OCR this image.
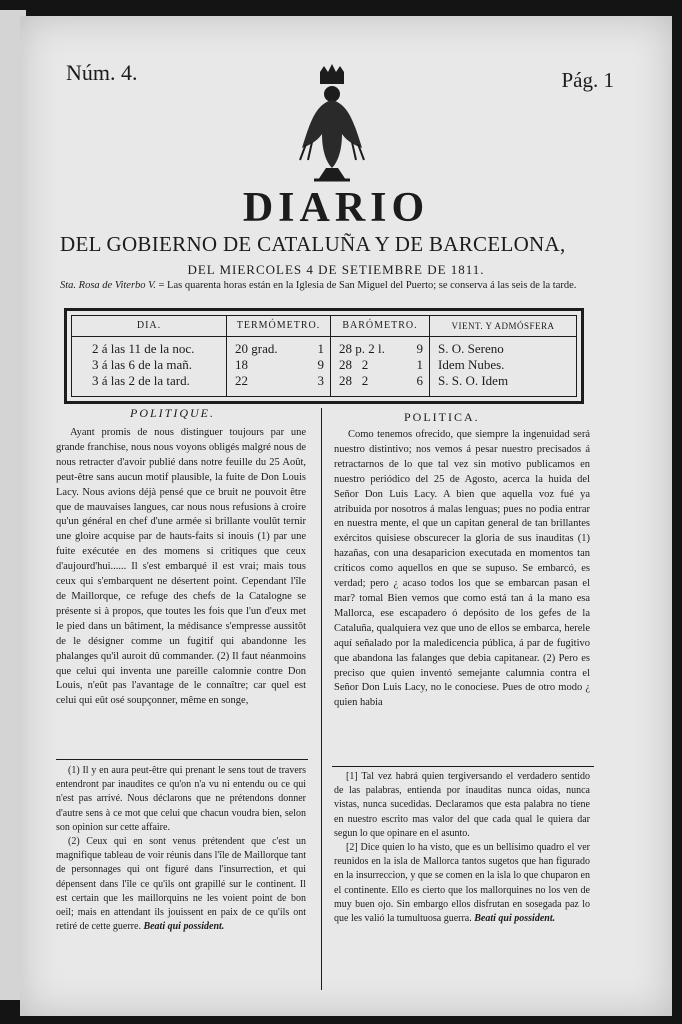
Núm. 4.	Pág. 1
DIARIO
DEL GOBIERNO DE CATALUÑA Y DE BARCELONA,
DEL MIERCOLES 4 DE SETIEMBRE DE 1811.
Sta. Rosa de Viterbo V. = Las quarenta horas están en la Iglesia de San Miguel del Puerto; se conserva á las seis de la tarde.
DIA.
2 á las 11 de la noc.
3 á las 6 de la mañ.
3 á las 2 de la tard.
TERMÓMETRO.
20 grad.
18
22
1
9
3
BARÓMETRO.
28 p. 2 l.
28   2
28   2
9
1
6
VIENT. Y ADMÓSFERA
S. O. Sereno
Idem Nubes.
S. S. O. Idem
POLITIQUE.

Ayant promis de nous distinguer toujours par une grande franchise, nous nous voyons obligés malgré nous de nous retracter d'avoir publié dans notre feuille du 25 Août, peut-être sans aucun motif plausible, la fuite de Don Louis Lacy. Nous avions déjà pensé que ce bruit ne pouvoit être que de mauvaises langues, car nous nous refusions à croire qu'un général en chef d'une armée si brillante voulût ternir une gloire acquise par de hauts-faits si inouis (1) par une fuite exécutée en des momens si critiques que ceux d'aujourd'hui...... Il s'est embarqué il est vrai; mais tous ceux qui s'embarquent ne désertent point. Cependant l'île de Maillorque, ce refuge des chefs de la Catalogne se présente si à propos, que toutes les fois que l'un d'eux met le pied dans un bâtiment, la médisance s'empresse aussitôt de le désigner comme un fugitif qui abandonne les phalanges qu'il auroit dû commander. (2) Il faut néanmoins que celui qui inventa une pareille calomnie contre Don Louis, n'eût pas l'avantage de le connaître; car quel est celui qui eût osé soupçonner, même en songe,

(1) Il y en aura peut-être qui prenant le sens tout de travers entendront par inaudites ce qu'on n'a vu ni entendu ou ce qui n'est pas arrivé. Nous déclarons que ne prétendons donner d'autre sens à ce mot que celui que chacun voudra bien, selon son opinion sur cette affaire.

(2) Ceux qui en sont venus prétendent que c'est un magnifique tableau de voir réunis dans l'île de Maillorque tant de personnages qui ont figuré dans l'insurrection, et qui dépensent dans l'île ce qu'ils ont grapillé sur le continent. Il est certain que les maillorquins ne les voient point de bon oeil; mais en attendant ils jouissent en paix de ce qu'ils ont retiré de cette guerre. Beati qui possident.

POLITICA.

Como tenemos ofrecido, que siempre la ingenuidad será nuestro distintivo; nos vemos á pesar nuestro precisados á retractarnos de lo que tal vez sin motivo publicamos en nuestro periódico del 25 de Agosto, acerca la huida del Señor Don Luis Lacy. A bien que aquella voz fué ya atribuida por nosotros á malas lenguas; pues no podia entrar en nuestra mente, el que un capitan general de tan brillantes exércitos quisiese obscurecer la gloria de sus inauditas (1) hazañas, con una desaparicion executada en momentos tan críticos como aquellos en que se supuso. Se embarcó, es verdad; pero ¿ acaso todos los que se embarcan pasan el mar? tomal Bien vemos que como está tan á la mano esa Mallorca, ese escapadero ó depósito de los gefes de la Cataluña, qualquiera vez que uno de ellos se embarca, herele aquí señalado por la maledicencia pública, á par de fugitivo que abandona las falanges que debia capitanear. (2) Pero es preciso que quien inventó semejante calumnia contra el Señor Don Luis Lacy, no le conociese. Pues de otro modo ¿ quien habia

[1] Tal vez habrá quien tergiversando el verdadero sentido de las palabras, entienda por inauditas nunca oidas, nunca vistas, nunca sucedidas. Declaramos que esta palabra no tiene en nuestro escrito mas valor del que cada qual le quiera dar segun lo que opinare en el asunto.

[2] Dice quien lo ha visto, que es un bellísimo quadro el ver reunidos en la isla de Mallorca tantos sugetos que han figurado en la insurreccion, y que se comen en la isla lo que chuparon en el continente. Ello es cierto que los mallorquines no los ven de muy buen ojo. Sin embargo ellos disfrutan en sosegada paz lo que les valió la tumultuosa guerra. Beati qui possident.
